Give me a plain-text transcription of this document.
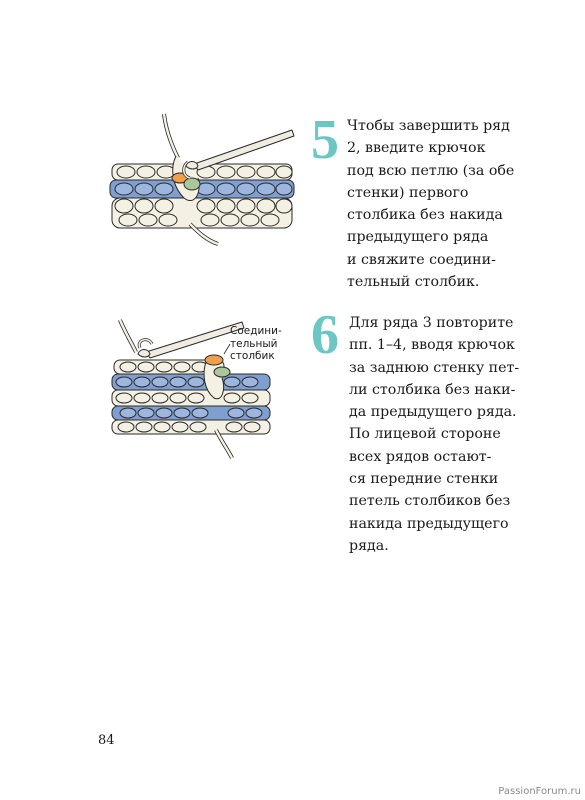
5 Чтобы завершить ряд
2, введите крючок
под всю петлю (за обе
стенки) первого
столбика без накида
предыдущего ряда
и свяжите соедини-
тельный столбик.
Соедини-
тельный
столбик 6 Для ряда 3 повторите
пп. 1–4, вводя крючок
за заднюю стенку пет-
ли столбика без наки-
да предыдущего ряда.
По лицевой стороне
всех рядов остают-
ся передние стенки
петель столбиков без
накида предыдущего
ряда.
84
PassionForum.ru
